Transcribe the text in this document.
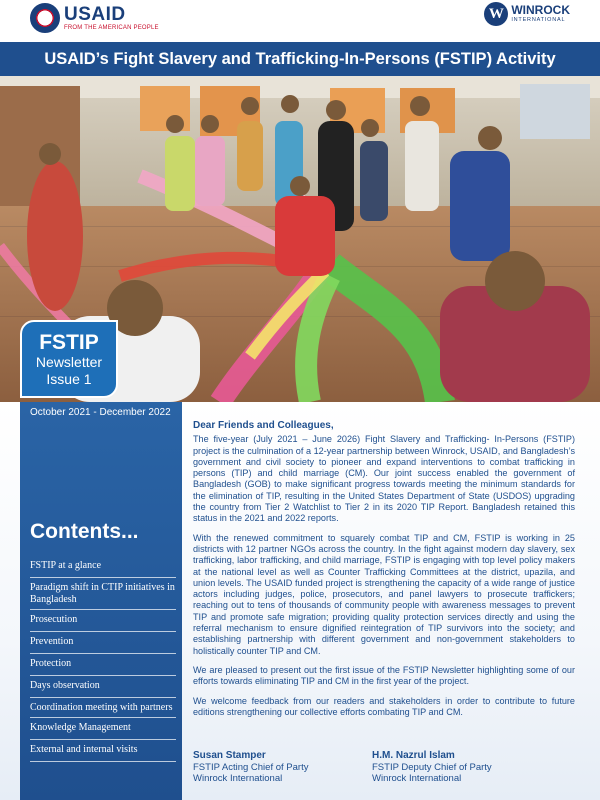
USAID
FROM THE AMERICAN PEOPLE
W WINROCK
INTERNATIONAL
USAID’s Fight Slavery and Trafficking-In-Persons (FSTIP) Activity
FSTIP
Newsletter
Issue 1
October 2021 - December 2022
Contents...
FSTIP at a glance
Paradigm shift in CTIP initiatives in Bangladesh
Prosecution
Prevention
Protection
Days observation
Coordination meeting with partners
Knowledge Management
External and internal visits
Dear Friends and Colleagues,

The five-year (July 2021 – June 2026) Fight Slavery and Trafficking- In-Persons (FSTIP) project is the culmination of a 12-year partnership between Winrock, USAID, and Bangladesh’s government and civil society to pioneer and expand interventions to combat trafficking in persons (TIP) and child marriage (CM). Our joint success enabled the government of Bangladesh (GOB) to make significant progress towards meeting the minimum standards for the elimination of TIP, resulting in the United States Department of State (USDOS) upgrading the country from Tier 2 Watchlist to Tier 2 in its 2020 TIP Report. Bangladesh retained this status in the 2021 and 2022 reports.

With the renewed commitment to squarely combat TIP and CM, FSTIP is working in 25 districts with 12 partner NGOs across the country. In the fight against modern day slavery, sex trafficking, labor trafficking, and child marriage, FSTIP is engaging with top level policy makers at the national level as well as Counter Trafficking Committees at the district, upazila, and union levels. The USAID funded project is strengthening the capacity of a wide range of justice actors including judges, police, prosecutors, and panel lawyers to prosecute traffickers; reaching out to tens of thousands of community people with awareness messages to prevent TIP and promote safe migration; providing quality protection services directly and using the referral mechanism to ensure dignified reintegration of TIP survivors into the society; and establishing partnership with different government and non-government stakeholders to holistically counter TIP and CM.

We are pleased to present out the first issue of the FSTIP Newsletter highlighting some of our efforts towards eliminating TIP and CM in the first year of the project.

We welcome feedback from our readers and stakeholders in order to contribute to future editions strengthening our collective efforts combating TIP and CM.

Susan Stamper
FSTIP Acting Chief of Party
Winrock International
H.M. Nazrul Islam
FSTIP Deputy Chief of Party
Winrock International
